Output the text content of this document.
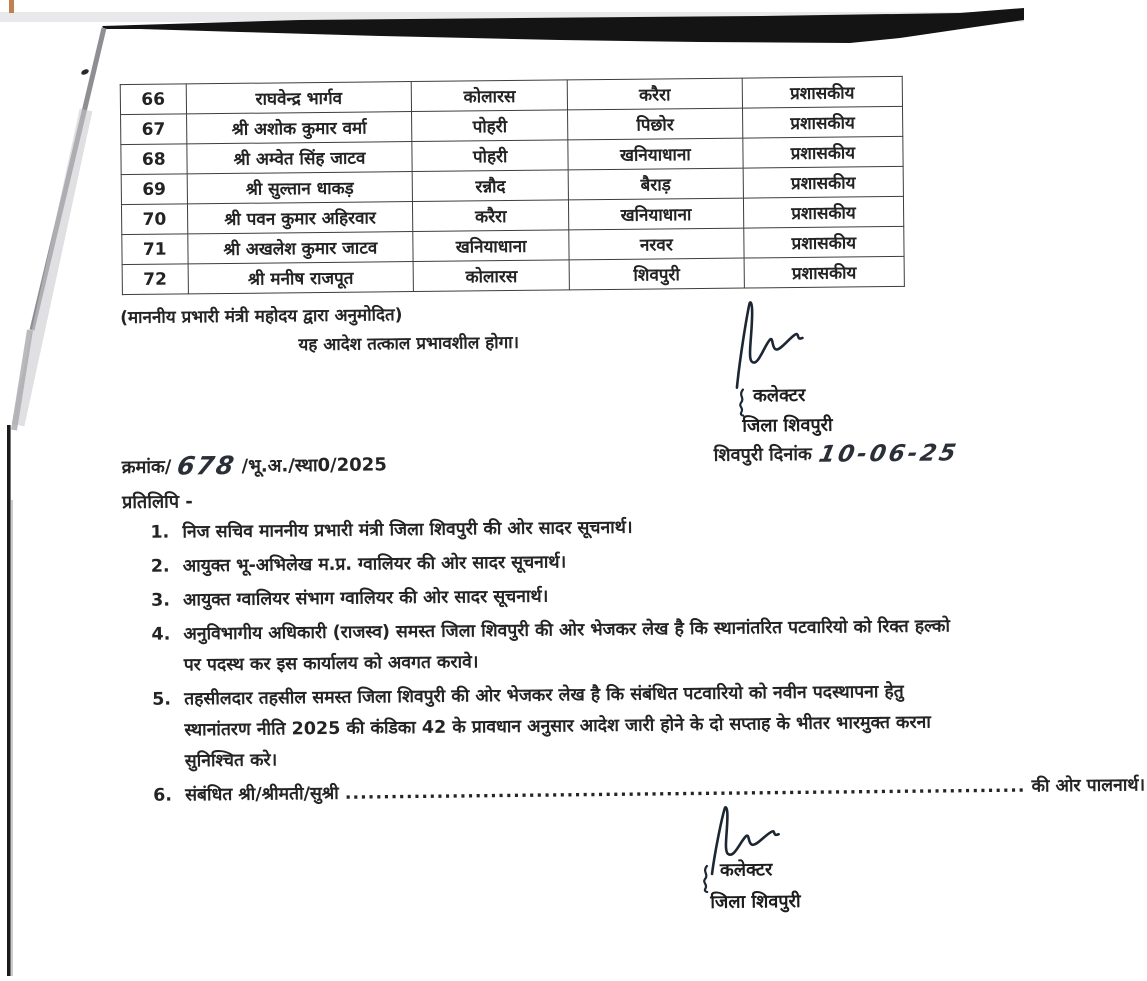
66	राघवेन्द्र भार्गव	कोलारस	करैरा	प्रशासकीय
67	श्री अशोक कुमार वर्मा	पोहरी	पिछोर	प्रशासकीय
68	श्री अम्वेत सिंह जाटव	पोहरी	खनियाधाना	प्रशासकीय
69	श्री सुल्तान धाकड़	रन्नौद	बैराड़	प्रशासकीय
70	श्री पवन कुमार अहिरवार	करैरा	खनियाधाना	प्रशासकीय
71	श्री अखलेश कुमार जाटव	खनियाधाना	नरवर	प्रशासकीय
72	श्री मनीष राजपूत	कोलारस	शिवपुरी	प्रशासकीय
(माननीय प्रभारी मंत्री महोदय द्वारा अनुमोदित)
यह आदेश तत्काल प्रभावशील होगा।
कलेक्टर
जिला शिवपुरी
क्रमांक/ 678 /भू.अ./स्था0/2025	शिवपुरी दिनांक 10-06-25
प्रतिलिपि -
1. निज सचिव माननीय प्रभारी मंत्री जिला शिवपुरी की ओर सादर सूचनार्थ।
2. आयुक्त भू-अभिलेख म.प्र. ग्वालियर की ओर सादर सूचनार्थ।
3. आयुक्त ग्वालियर संभाग ग्वालियर की ओर सादर सूचनार्थ।
4. अनुविभागीय अधिकारी (राजस्व) समस्त जिला शिवपुरी की ओर भेजकर लेख है कि स्थानांतरित पटवारियो को रिक्त हल्को पर पदस्थ कर इस कार्यालय को अवगत करावे।
5. तहसीलदार तहसील समस्त जिला शिवपुरी की ओर भेजकर लेख है कि संबंधित पटवारियो को नवीन पदस्थापना हेतु स्थानांतरण नीति 2025 की कंडिका 42 के प्रावधान अनुसार आदेश जारी होने के दो सप्ताह के भीतर भारमुक्त करना सुनिश्चित करे।
6. संबंधित श्री/श्रीमती/सुश्री ......................................................................................... की ओर पालनार्थ।
कलेक्टर
जिला शिवपुरी
